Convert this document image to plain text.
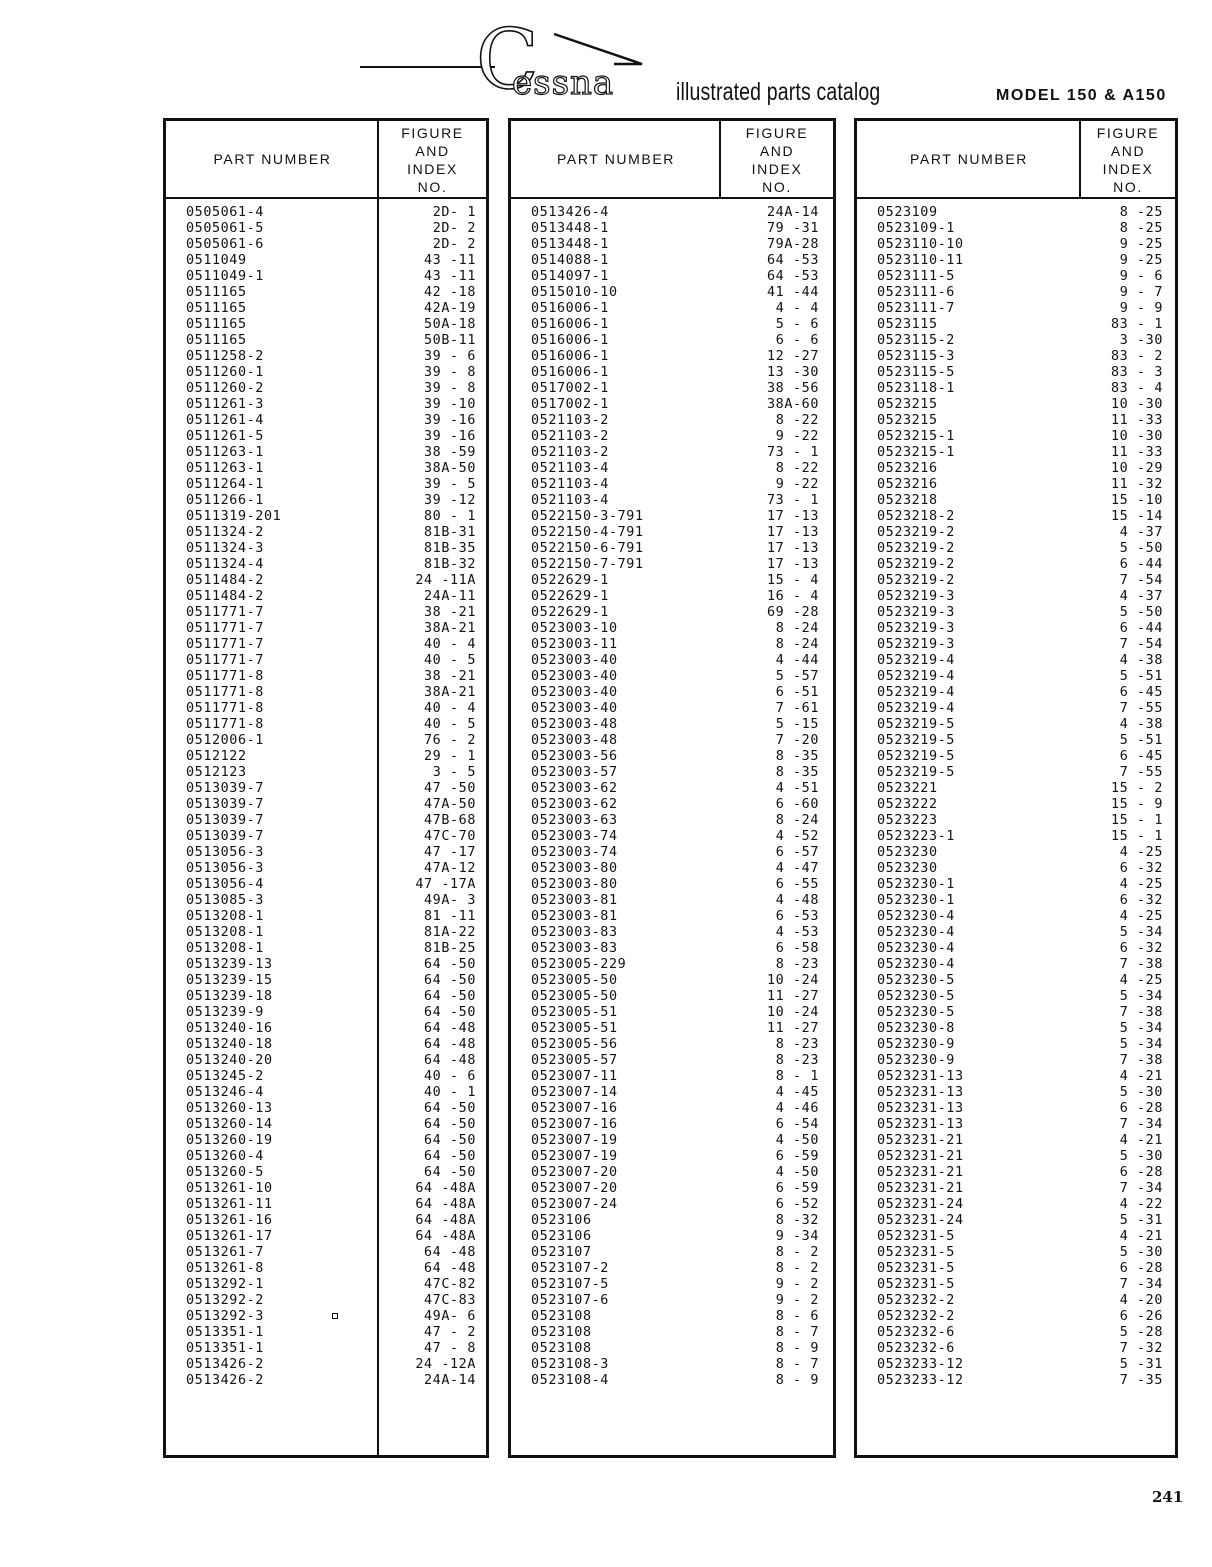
C
essna illustrated parts catalog	MODEL 150 & A150
PART NUMBER
FIGURE
AND
INDEX
NO.
0505061-4	2D- 1
0505061-5	2D- 2
0505061-6	2D- 2
0511049	43 -11
0511049-1	43 -11
0511165	42 -18
0511165	42A-19
0511165	50A-18
0511165	50B-11
0511258-2	39 - 6
0511260-1	39 - 8
0511260-2	39 - 8
0511261-3	39 -10
0511261-4	39 -16
0511261-5	39 -16
0511263-1	38 -59
0511263-1	38A-50
0511264-1	39 - 5
0511266-1	39 -12
0511319-201	80 - 1
0511324-2	81B-31
0511324-3	81B-35
0511324-4	81B-32
0511484-2	24 -11A
0511484-2	24A-11
0511771-7	38 -21
0511771-7	38A-21
0511771-7	40 - 4
0511771-7	40 - 5
0511771-8	38 -21
0511771-8	38A-21
0511771-8	40 - 4
0511771-8	40 - 5
0512006-1	76 - 2
0512122	29 - 1
0512123	3 - 5
0513039-7	47 -50
0513039-7	47A-50
0513039-7	47B-68
0513039-7	47C-70
0513056-3	47 -17
0513056-3	47A-12
0513056-4	47 -17A
0513085-3	49A- 3
0513208-1	81 -11
0513208-1	81A-22
0513208-1	81B-25
0513239-13	64 -50
0513239-15	64 -50
0513239-18	64 -50
0513239-9	64 -50
0513240-16	64 -48
0513240-18	64 -48
0513240-20	64 -48
0513245-2	40 - 6
0513246-4	40 - 1
0513260-13	64 -50
0513260-14	64 -50
0513260-19	64 -50
0513260-4	64 -50
0513260-5	64 -50
0513261-10	64 -48A
0513261-11	64 -48A
0513261-16	64 -48A
0513261-17	64 -48A
0513261-7	64 -48
0513261-8	64 -48
0513292-1	47C-82
0513292-2	47C-83
0513292-3	49A- 6
0513351-1	47 - 2
0513351-1	47 - 8
0513426-2	24 -12A
0513426-2	24A-14
PART NUMBER
FIGURE
AND
INDEX
NO.
0513426-4	24A-14
0513448-1	79 -31
0513448-1	79A-28
0514088-1	64 -53
0514097-1	64 -53
0515010-10	41 -44
0516006-1	4 - 4
0516006-1	5 - 6
0516006-1	6 - 6
0516006-1	12 -27
0516006-1	13 -30
0517002-1	38 -56
0517002-1	38A-60
0521103-2	8 -22
0521103-2	9 -22
0521103-2	73 - 1
0521103-4	8 -22
0521103-4	9 -22
0521103-4	73 - 1
0522150-3-791	17 -13
0522150-4-791	17 -13
0522150-6-791	17 -13
0522150-7-791	17 -13
0522629-1	15 - 4
0522629-1	16 - 4
0522629-1	69 -28
0523003-10	8 -24
0523003-11	8 -24
0523003-40	4 -44
0523003-40	5 -57
0523003-40	6 -51
0523003-40	7 -61
0523003-48	5 -15
0523003-48	7 -20
0523003-56	8 -35
0523003-57	8 -35
0523003-62	4 -51
0523003-62	6 -60
0523003-63	8 -24
0523003-74	4 -52
0523003-74	6 -57
0523003-80	4 -47
0523003-80	6 -55
0523003-81	4 -48
0523003-81	6 -53
0523003-83	4 -53
0523003-83	6 -58
0523005-229	8 -23
0523005-50	10 -24
0523005-50	11 -27
0523005-51	10 -24
0523005-51	11 -27
0523005-56	8 -23
0523005-57	8 -23
0523007-11	8 - 1
0523007-14	4 -45
0523007-16	4 -46
0523007-16	6 -54
0523007-19	4 -50
0523007-19	6 -59
0523007-20	4 -50
0523007-20	6 -59
0523007-24	6 -52
0523106	8 -32
0523106	9 -34
0523107	8 - 2
0523107-2	8 - 2
0523107-5	9 - 2
0523107-6	9 - 2
0523108	8 - 6
0523108	8 - 7
0523108	8 - 9
0523108-3	8 - 7
0523108-4	8 - 9
PART NUMBER
FIGURE
AND
INDEX
NO.
0523109	8 -25
0523109-1	8 -25
0523110-10	9 -25
0523110-11	9 -25
0523111-5	9 - 6
0523111-6	9 - 7
0523111-7	9 - 9
0523115	83 - 1
0523115-2	3 -30
0523115-3	83 - 2
0523115-5	83 - 3
0523118-1	83 - 4
0523215	10 -30
0523215	11 -33
0523215-1	10 -30
0523215-1	11 -33
0523216	10 -29
0523216	11 -32
0523218	15 -10
0523218-2	15 -14
0523219-2	4 -37
0523219-2	5 -50
0523219-2	6 -44
0523219-2	7 -54
0523219-3	4 -37
0523219-3	5 -50
0523219-3	6 -44
0523219-3	7 -54
0523219-4	4 -38
0523219-4	5 -51
0523219-4	6 -45
0523219-4	7 -55
0523219-5	4 -38
0523219-5	5 -51
0523219-5	6 -45
0523219-5	7 -55
0523221	15 - 2
0523222	15 - 9
0523223	15 - 1
0523223-1	15 - 1
0523230	4 -25
0523230	6 -32
0523230-1	4 -25
0523230-1	6 -32
0523230-4	4 -25
0523230-4	5 -34
0523230-4	6 -32
0523230-4	7 -38
0523230-5	4 -25
0523230-5	5 -34
0523230-5	7 -38
0523230-8	5 -34
0523230-9	5 -34
0523230-9	7 -38
0523231-13	4 -21
0523231-13	5 -30
0523231-13	6 -28
0523231-13	7 -34
0523231-21	4 -21
0523231-21	5 -30
0523231-21	6 -28
0523231-21	7 -34
0523231-24	4 -22
0523231-24	5 -31
0523231-5	4 -21
0523231-5	5 -30
0523231-5	6 -28
0523231-5	7 -34
0523232-2	4 -20
0523232-2	6 -26
0523232-6	5 -28
0523232-6	7 -32
0523233-12	5 -31
0523233-12	7 -35
241
